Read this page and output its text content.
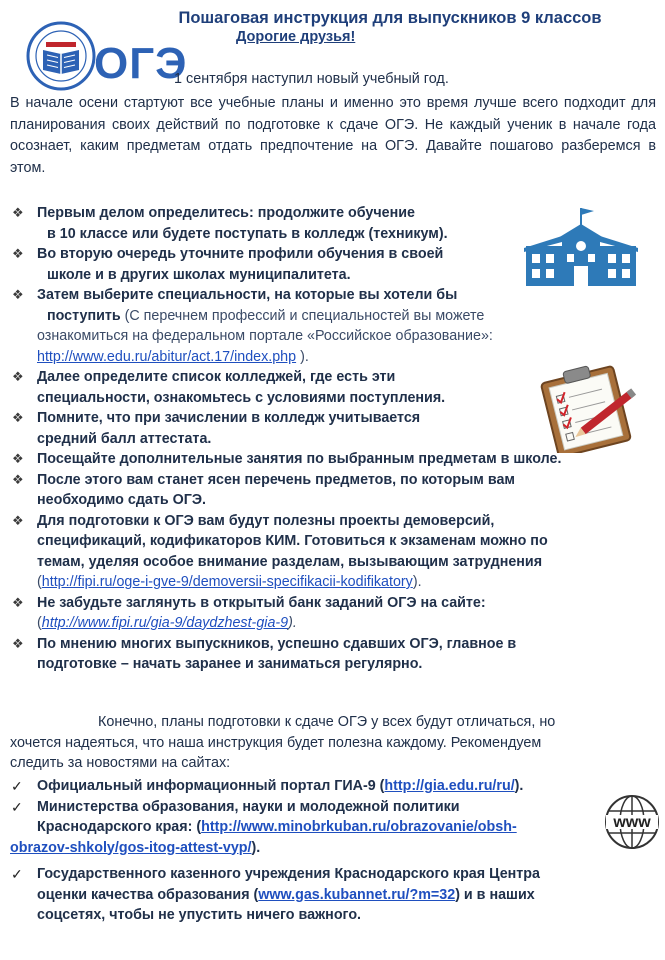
Пошаговая инструкция для выпускников 9 классов
Дорогие друзья!
ОГЭ
1 сентября наступил новый учебный год.
В начале осени стартуют все учебные планы и именно это время лучше всего подходит для планирования своих действий по подготовке к сдаче ОГЭ. Не каждый ученик в начале года осознает, каким предметам отдать предпочтение на ОГЭ. Давайте пошагово разберемся в этом.
❖ Первым делом определитесь: продолжите обучение
в 10 классе или будете поступать в колледж (техникум).
❖ Во вторую очередь уточните профили обучения в своей
школе и в других школах муниципалитета.
❖ Затем выберите специальности, на которые вы хотели бы
поступить (С перечнем профессий и специальностей вы можете
ознакомиться на федеральном портале «Российское образование»:
http://www.edu.ru/abitur/act.17/index.php ).
❖ Далее определите список колледжей, где есть эти
специальности, ознакомьтесь с условиями поступления.
❖ Помните, что при зачислении в колледж учитывается
средний балл аттестата.
❖ Посещайте дополнительные занятия по выбранным предметам в школе.
❖ После этого вам станет ясен перечень предметов, по которым вам
необходимо сдать ОГЭ.
❖ Для подготовки к ОГЭ вам будут полезны проекты демоверсий,
спецификаций, кодификаторов КИМ. Готовиться к экзаменам можно по
темам, уделяя особое внимание разделам, вызывающим затруднения
(http://fipi.ru/oge-i-gve-9/demoversii-specifikacii-kodifikatory).
❖ Не забудьте заглянуть в открытый банк заданий ОГЭ на сайте:
(http://www.fipi.ru/gia-9/daydzhest-gia-9).
❖ По мнению многих выпускников, успешно сдавших ОГЭ, главное в
подготовке – начать заранее и заниматься регулярно.
Конечно, планы подготовки к сдаче ОГЭ у всех будут отличаться, но
хочется надеяться, что наша инструкция будет полезна каждому. Рекомендуем
следить за новостями на сайтах:
✓ Официальный информационный портал ГИА-9 (http://gia.edu.ru/ru/).
✓ Министерства образования, науки и молодежной политики
Краснодарского края: (http://www.minobrkuban.ru/obrazovanie/obsh-
obrazov-shkoly/gos-itog-attest-vyp/).
✓ Государственного казенного учреждения Краснодарского края Центра
оценки качества образования (www.gas.kubannet.ru/?m=32) и в наших
соцсетях, чтобы не упустить ничего важного.
www
